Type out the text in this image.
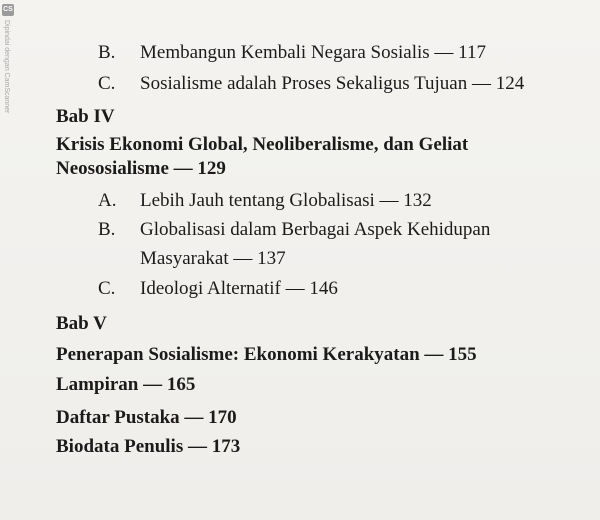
CS
Dipindai dengan CamScanner	B. Membangun Kembali Negara Sosialis — 117
C. Sosialisme adalah Proses Sekaligus Tujuan — 124
Bab IV
Krisis Ekonomi Global, Neoliberalisme, dan Geliat
Neososialisme — 129
A. Lebih Jauh tentang Globalisasi — 132
B. Globalisasi dalam Berbagai Aspek Kehidupan
Masyarakat — 137
C. Ideologi Alternatif — 146
Bab V
Penerapan Sosialisme: Ekonomi Kerakyatan — 155
Lampiran — 165
Daftar Pustaka — 170
Biodata Penulis — 173
